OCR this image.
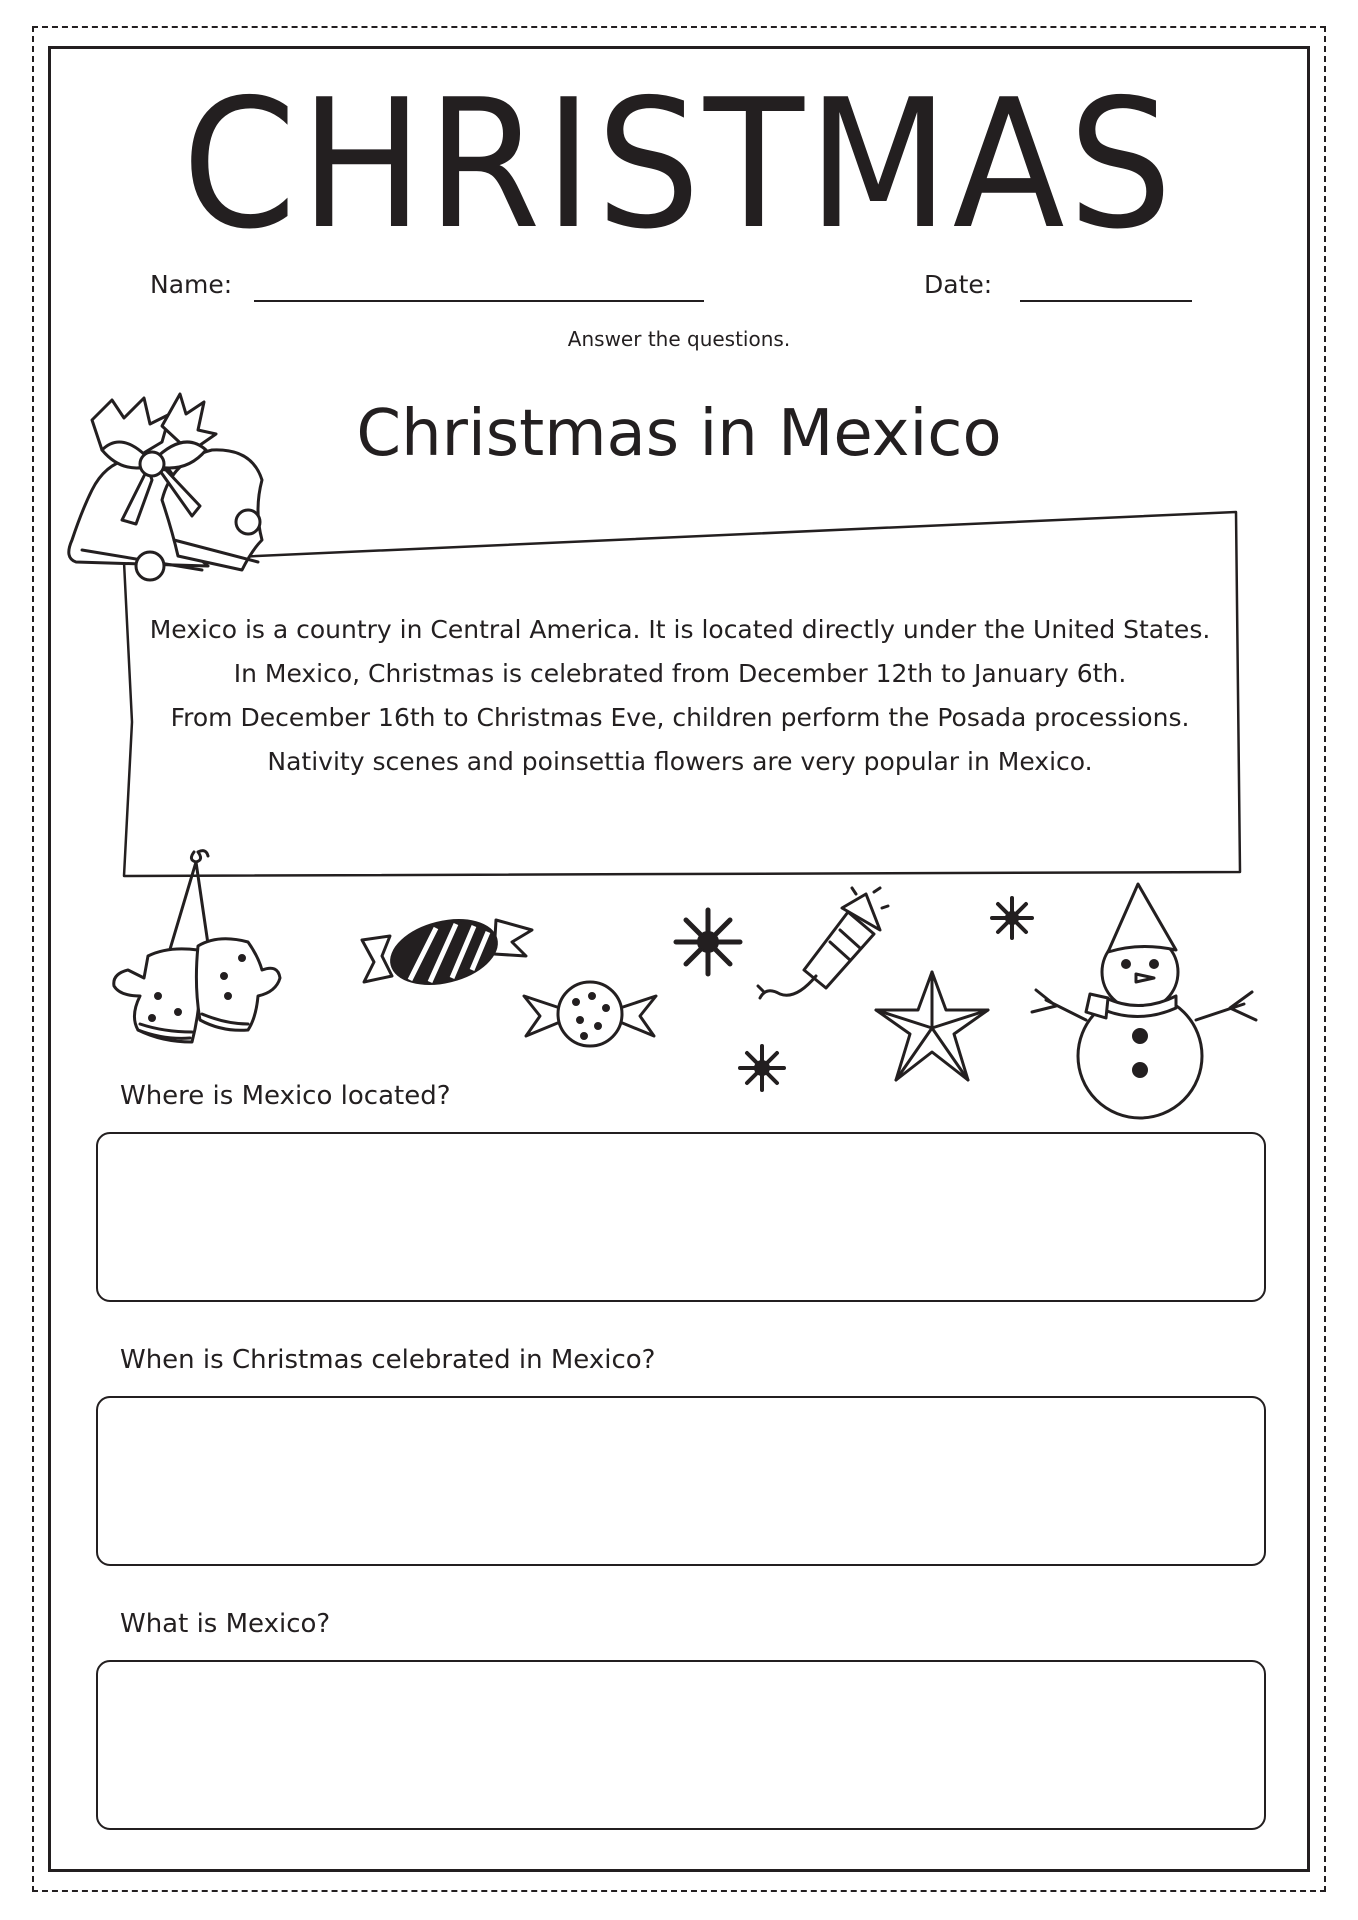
CHRISTMAS
Name:	Date:
Answer the questions.
Christmas in Mexico
Mexico is a country in Central America. It is located directly under the United States.
In Mexico, Christmas is celebrated from December 12th to January 6th.
From December 16th to Christmas Eve, children perform the Posada processions.
Nativity scenes and poinsettia flowers are very popular in Mexico.
Where is Mexico located?
When is Christmas celebrated in Mexico?
What is Mexico?
